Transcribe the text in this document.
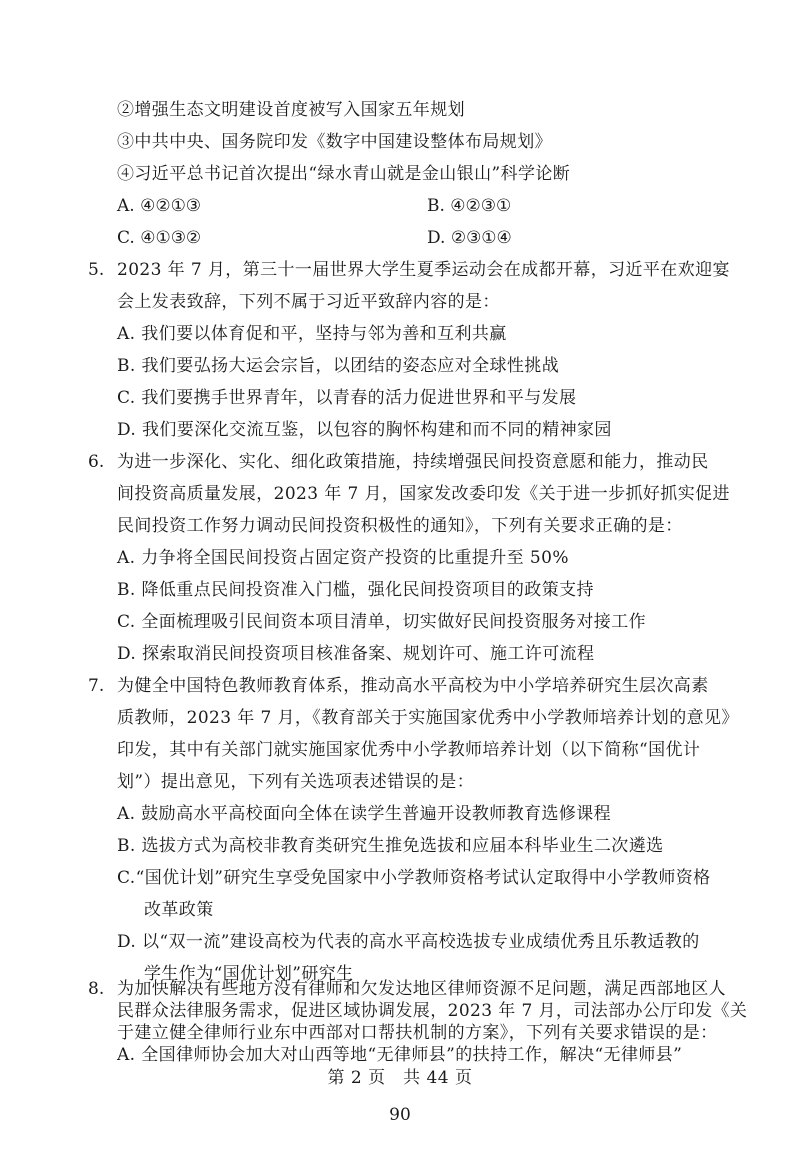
②增强生态文明建设首度被写入国家五年规划
③中共中央、国务院印发《数字中国建设整体布局规划》
④习近平总书记首次提出“绿水青山就是金山银山”科学论断
A. ④②①③	B. ④②③①
C. ④①③②	D. ②③①④
5. 2023 年 7 月，第三十一届世界大学生夏季运动会在成都开幕，习近平在欢迎宴
会上发表致辞，下列不属于习近平致辞内容的是：
A. 我们要以体育促和平，坚持与邻为善和互利共赢
B. 我们要弘扬大运会宗旨，以团结的姿态应对全球性挑战
C. 我们要携手世界青年，以青春的活力促进世界和平与发展
D. 我们要深化交流互鉴，以包容的胸怀构建和而不同的精神家园
6. 为进一步深化、实化、细化政策措施，持续增强民间投资意愿和能力，推动民
间投资高质量发展，2023 年 7 月，国家发改委印发《关于进一步抓好抓实促进
民间投资工作努力调动民间投资积极性的通知》，下列有关要求正确的是：
A. 力争将全国民间投资占固定资产投资的比重提升至 50%
B. 降低重点民间投资准入门槛，强化民间投资项目的政策支持
C. 全面梳理吸引民间资本项目清单，切实做好民间投资服务对接工作
D. 探索取消民间投资项目核准备案、规划许可、施工许可流程
7. 为健全中国特色教师教育体系，推动高水平高校为中小学培养研究生层次高素
质教师，2023 年 7 月，《教育部关于实施国家优秀中小学教师培养计划的意见》
印发，其中有关部门就实施国家优秀中小学教师培养计划（以下简称“国优计
划”）提出意见，下列有关选项表述错误的是：
A. 鼓励高水平高校面向全体在读学生普遍开设教师教育选修课程
B. 选拔方式为高校非教育类研究生推免选拔和应届本科毕业生二次遴选
C.“国优计划”研究生享受免国家中小学教师资格考试认定取得中小学教师资格
改革政策
D. 以“双一流”建设高校为代表的高水平高校选拔专业成绩优秀且乐教适教的
学生作为“国优计划”研究生
8. 为加快解决有些地方没有律师和欠发达地区律师资源不足问题，满足西部地区人
民群众法律服务需求，促进区域协调发展，2023 年 7 月，司法部办公厅印发《关
第 2 页　共 44 页
90
于建立健全律师行业东中西部对口帮扶机制的方案》，下列有关要求错误的是：
A. 全国律师协会加大对山西等地“无律师县”的扶持工作，解决“无律师县”
